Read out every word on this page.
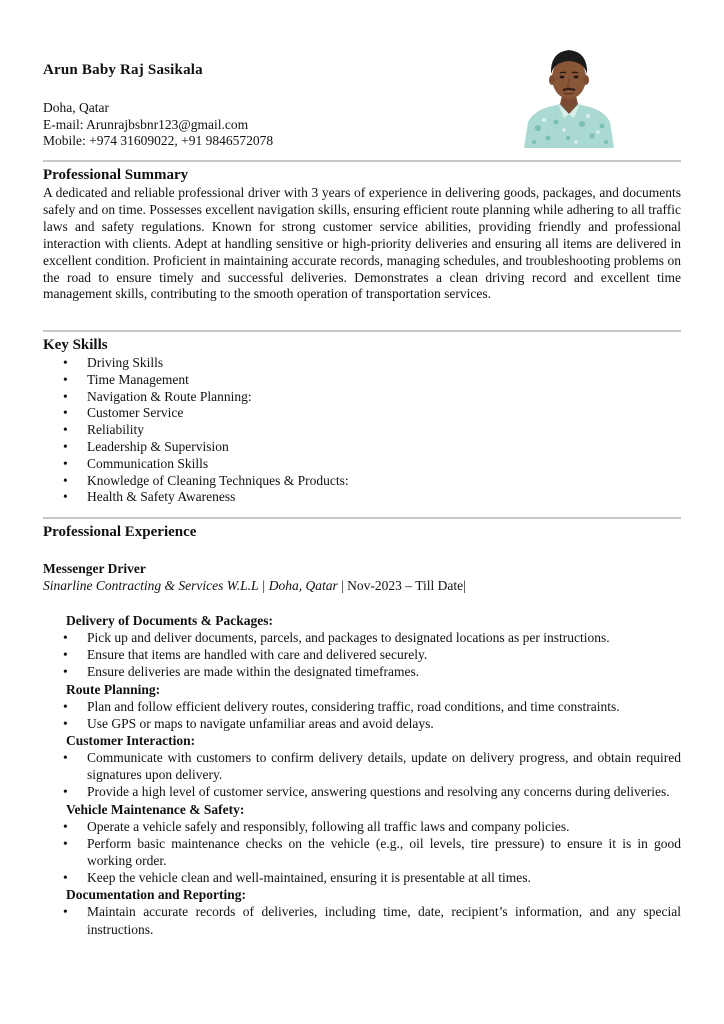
Arun Baby Raj Sasikala
Doha, Qatar
E-mail: Arunrajbsbnr123@gmail.com
Mobile: +974 31609022, +91 9846572078
Professional Summary

A dedicated and reliable professional driver with 3 years of experience in delivering goods, packages, and documents safely and on time. Possesses excellent navigation skills, ensuring efficient route planning while adhering to all traffic laws and safety regulations. Known for strong customer service abilities, providing friendly and professional interaction with clients. Adept at handling sensitive or high-priority deliveries and ensuring all items are delivered in excellent condition. Proficient in maintaining accurate records, managing schedules, and troubleshooting problems on the road to ensure timely and successful deliveries. Demonstrates a clean driving record and excellent time management skills, contributing to the smooth operation of transportation services.

Key Skills
• Driving Skills
• Time Management
• Navigation & Route Planning:
• Customer Service
• Reliability
• Leadership & Supervision
• Communication Skills
• Knowledge of Cleaning Techniques & Products:
• Health & Safety Awareness
Professional Experience
Messenger Driver
Sinarline Contracting & Services W.L.L | Doha, Qatar | Nov-2023 – Till Date|
Delivery of Documents & Packages:
• Pick up and deliver documents, parcels, and packages to designated locations as per instructions.
• Ensure that items are handled with care and delivered securely.
• Ensure deliveries are made within the designated timeframes.
Route Planning:
• Plan and follow efficient delivery routes, considering traffic, road conditions, and time constraints.
• Use GPS or maps to navigate unfamiliar areas and avoid delays.
Customer Interaction:
• Communicate with customers to confirm delivery details, update on delivery progress, and obtain required signatures upon delivery.
• Provide a high level of customer service, answering questions and resolving any concerns during deliveries.
Vehicle Maintenance & Safety:
• Operate a vehicle safely and responsibly, following all traffic laws and company policies.
• Perform basic maintenance checks on the vehicle (e.g., oil levels, tire pressure) to ensure it is in good working order.
• Keep the vehicle clean and well-maintained, ensuring it is presentable at all times.
Documentation and Reporting:
• Maintain accurate records of deliveries, including time, date, recipient’s information, and any special instructions.
